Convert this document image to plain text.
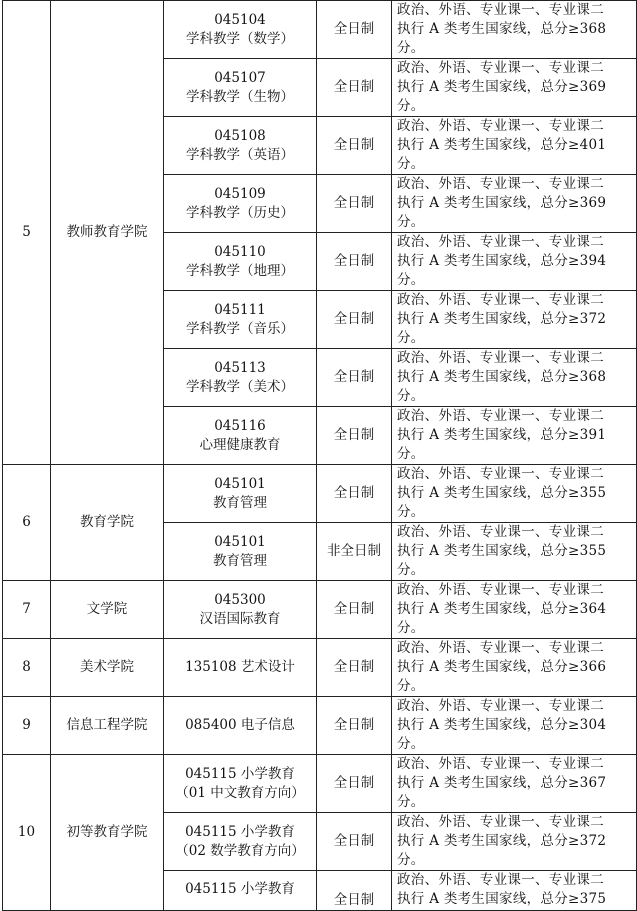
5	教师教育学院	045104
学科教学（数学）	全日制	政治、外语、专业课一、专业课二
执行 A 类考生国家线，总分≥368
分。

		045107
学科教学（生物）	全日制	政治、外语、专业课一、专业课二
执行 A 类考生国家线，总分≥369
分。

		045108
学科教学（英语）	全日制	政治、外语、专业课一、专业课二
执行 A 类考生国家线，总分≥401
分。

		045109
学科教学（历史）	全日制	政治、外语、专业课一、专业课二
执行 A 类考生国家线，总分≥369
分。

		045110
学科教学（地理）	全日制	政治、外语、专业课一、专业课二
执行 A 类考生国家线，总分≥394
分。

		045111
学科教学（音乐）	全日制	政治、外语、专业课一、专业课二
执行 A 类考生国家线，总分≥372
分。

		045113
学科教学（美术）	全日制	政治、外语、专业课一、专业课二
执行 A 类考生国家线，总分≥368
分。

		045116
心理健康教育	全日制	政治、外语、专业课一、专业课二
执行 A 类考生国家线，总分≥391
分。

6	教育学院	045101
教育管理	全日制	政治、外语、专业课一、专业课二
执行 A 类考生国家线，总分≥355
分。

		045101
教育管理	非全日制	政治、外语、专业课一、专业课二
执行 A 类考生国家线，总分≥355
分。

7	文学院	045300
汉语国际教育	全日制	政治、外语、专业课一、专业课二
执行 A 类考生国家线，总分≥364
分。

8	美术学院	135108 艺术设计	全日制	政治、外语、专业课一、专业课二
执行 A 类考生国家线，总分≥366
分。

9	信息工程学院	085400 电子信息	全日制	政治、外语、专业课一、专业课二
执行 A 类考生国家线，总分≥304
分。

10	初等教育学院	045115 小学教育
（01 中文教育方向）	全日制	政治、外语、专业课一、专业课二
执行 A 类考生国家线，总分≥367
分。

		045115 小学教育
（02 数学教育方向）	全日制	政治、外语、专业课一、专业课二
执行 A 类考生国家线，总分≥372
分。

		045115 小学教育	全日制	政治、外语、专业课一、专业课二
执行 A 类考生国家线，总分≥375
